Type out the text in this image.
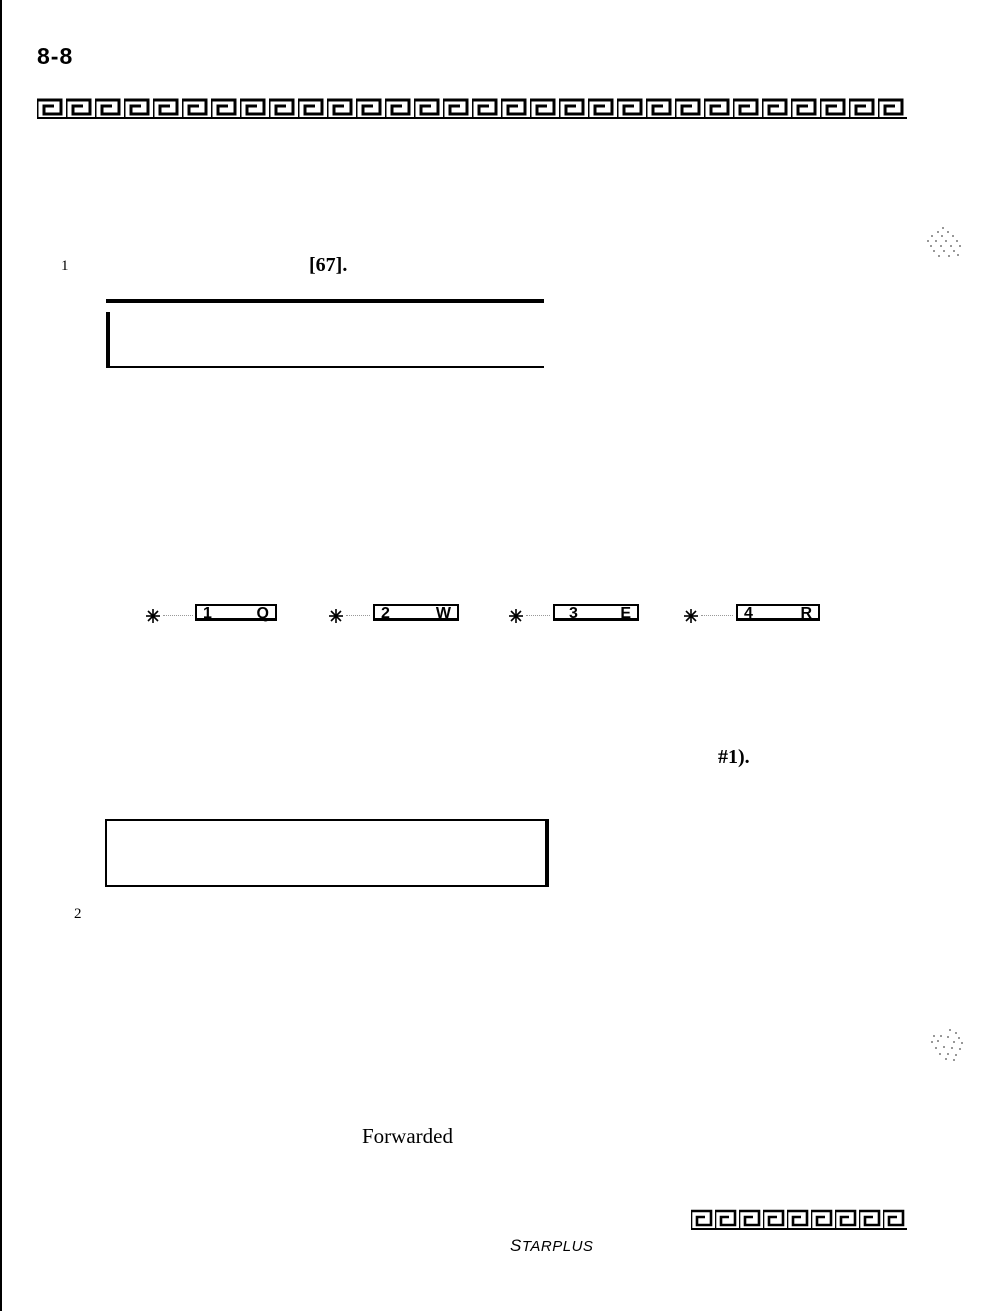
8-8
1	[67].
1	Q	2	W	3	E	4	R
#1).
2
Forwarded
STARPLUS
